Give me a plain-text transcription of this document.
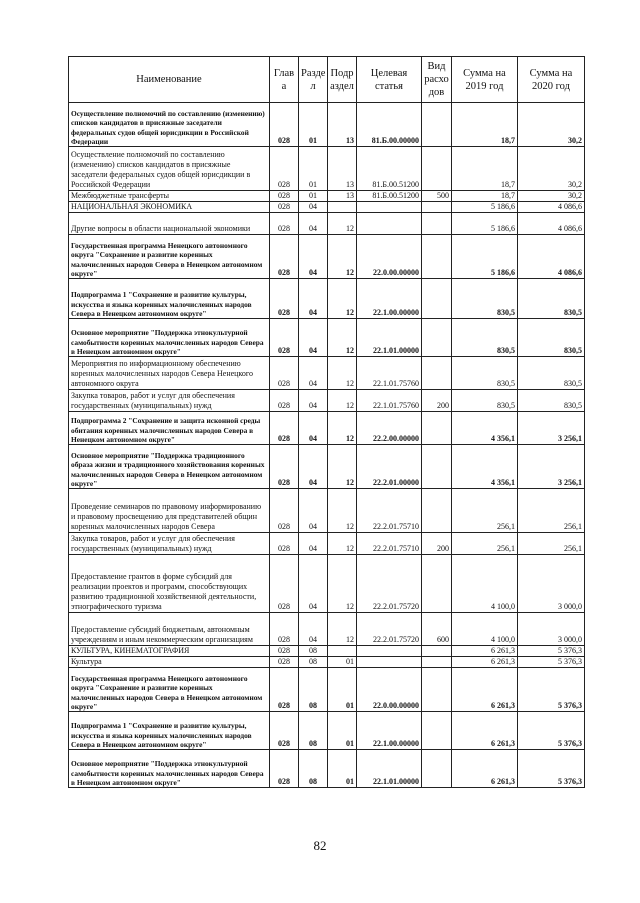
Наименование	Глав а	Разде л	Подр аздел	Целевая статья	Вид расхо дов	Сумма на 2019 год	Сумма на 2020 год
Осуществление полномочий по составлению (изменению) списков кандидатов в присяжные заседатели федеральных судов общей юрисдикции в Российской Федерации	028	01	13	81.Б.00.00000		18,7	30,2
Осуществление полномочий по составлению (изменению) списков кандидатов в присяжные заседатели федеральных судов общей юрисдикции в Российской Федерации	028	01	13	81.Б.00.51200		18,7	30,2
Межбюджетные трансферты	028	01	13	81.Б.00.51200	500	18,7	30,2
НАЦИОНАЛЬНАЯ ЭКОНОМИКА	028	04				5 186,6	4 086,6
Другие вопросы в области национальной экономики	028	04	12			5 186,6	4 086,6
Государственная программа Ненецкого автономного округа "Сохранение и развитие коренных малочисленных народов Севера в Ненецком автономном округе"	028	04	12	22.0.00.00000		5 186,6	4 086,6
Подпрограмма 1 "Сохранение и развитие культуры, искусства и языка коренных малочисленных народов Севера в Ненецком автономном округе"	028	04	12	22.1.00.00000		830,5	830,5
Основное мероприятие "Поддержка этнокультурной самобытности коренных малочисленных народов Севера в Ненецком автономном округе"	028	04	12	22.1.01.00000		830,5	830,5
Мероприятия по информационному обеспечению коренных малочисленных народов Севера Ненецкого автономного округа	028	04	12	22.1.01.75760		830,5	830,5
Закупка товаров, работ и услуг для обеспечения государственных (муниципальных) нужд	028	04	12	22.1.01.75760	200	830,5	830,5
Подпрограмма 2 "Сохранение и защита исконной среды обитания коренных малочисленных народов Севера в Ненецком автономном округе"	028	04	12	22.2.00.00000		4 356,1	3 256,1
Основное мероприятие "Поддержка традиционного образа жизни и традиционного хозяйствования коренных малочисленных народов Севера в Ненецком автономном округе"	028	04	12	22.2.01.00000		4 356,1	3 256,1
Проведение семинаров по правовому информированию и правовому просвещению для представителей общин коренных малочисленных народов Севера	028	04	12	22.2.01.75710		256,1	256,1
Закупка товаров, работ и услуг для обеспечения государственных (муниципальных) нужд	028	04	12	22.2.01.75710	200	256,1	256,1
Предоставление грантов в форме субсидий для реализации проектов и программ, способствующих развитию традиционной хозяйственной деятельности, этнографического туризма	028	04	12	22.2.01.75720		4 100,0	3 000,0
Предоставление субсидий бюджетным, автономным учреждениям и иным некоммерческим организациям	028	04	12	22.2.01.75720	600	4 100,0	3 000,0
КУЛЬТУРА, КИНЕМАТОГРАФИЯ	028	08				6 261,3	5 376,3
Культура	028	08	01			6 261,3	5 376,3
Государственная программа Ненецкого автономного округа "Сохранение и развитие коренных малочисленных народов Севера в Ненецком автономном округе"	028	08	01	22.0.00.00000		6 261,3	5 376,3
Подпрограмма 1 "Сохранение и развитие культуры, искусства и языка коренных малочисленных народов Севера в Ненецком автономном округе"	028	08	01	22.1.00.00000		6 261,3	5 376,3
Основное мероприятие "Поддержка этнокультурной самобытности коренных малочисленных народов Севера в Ненецком автономном округе"	028	08	01	22.1.01.00000		6 261,3	5 376,3
82
